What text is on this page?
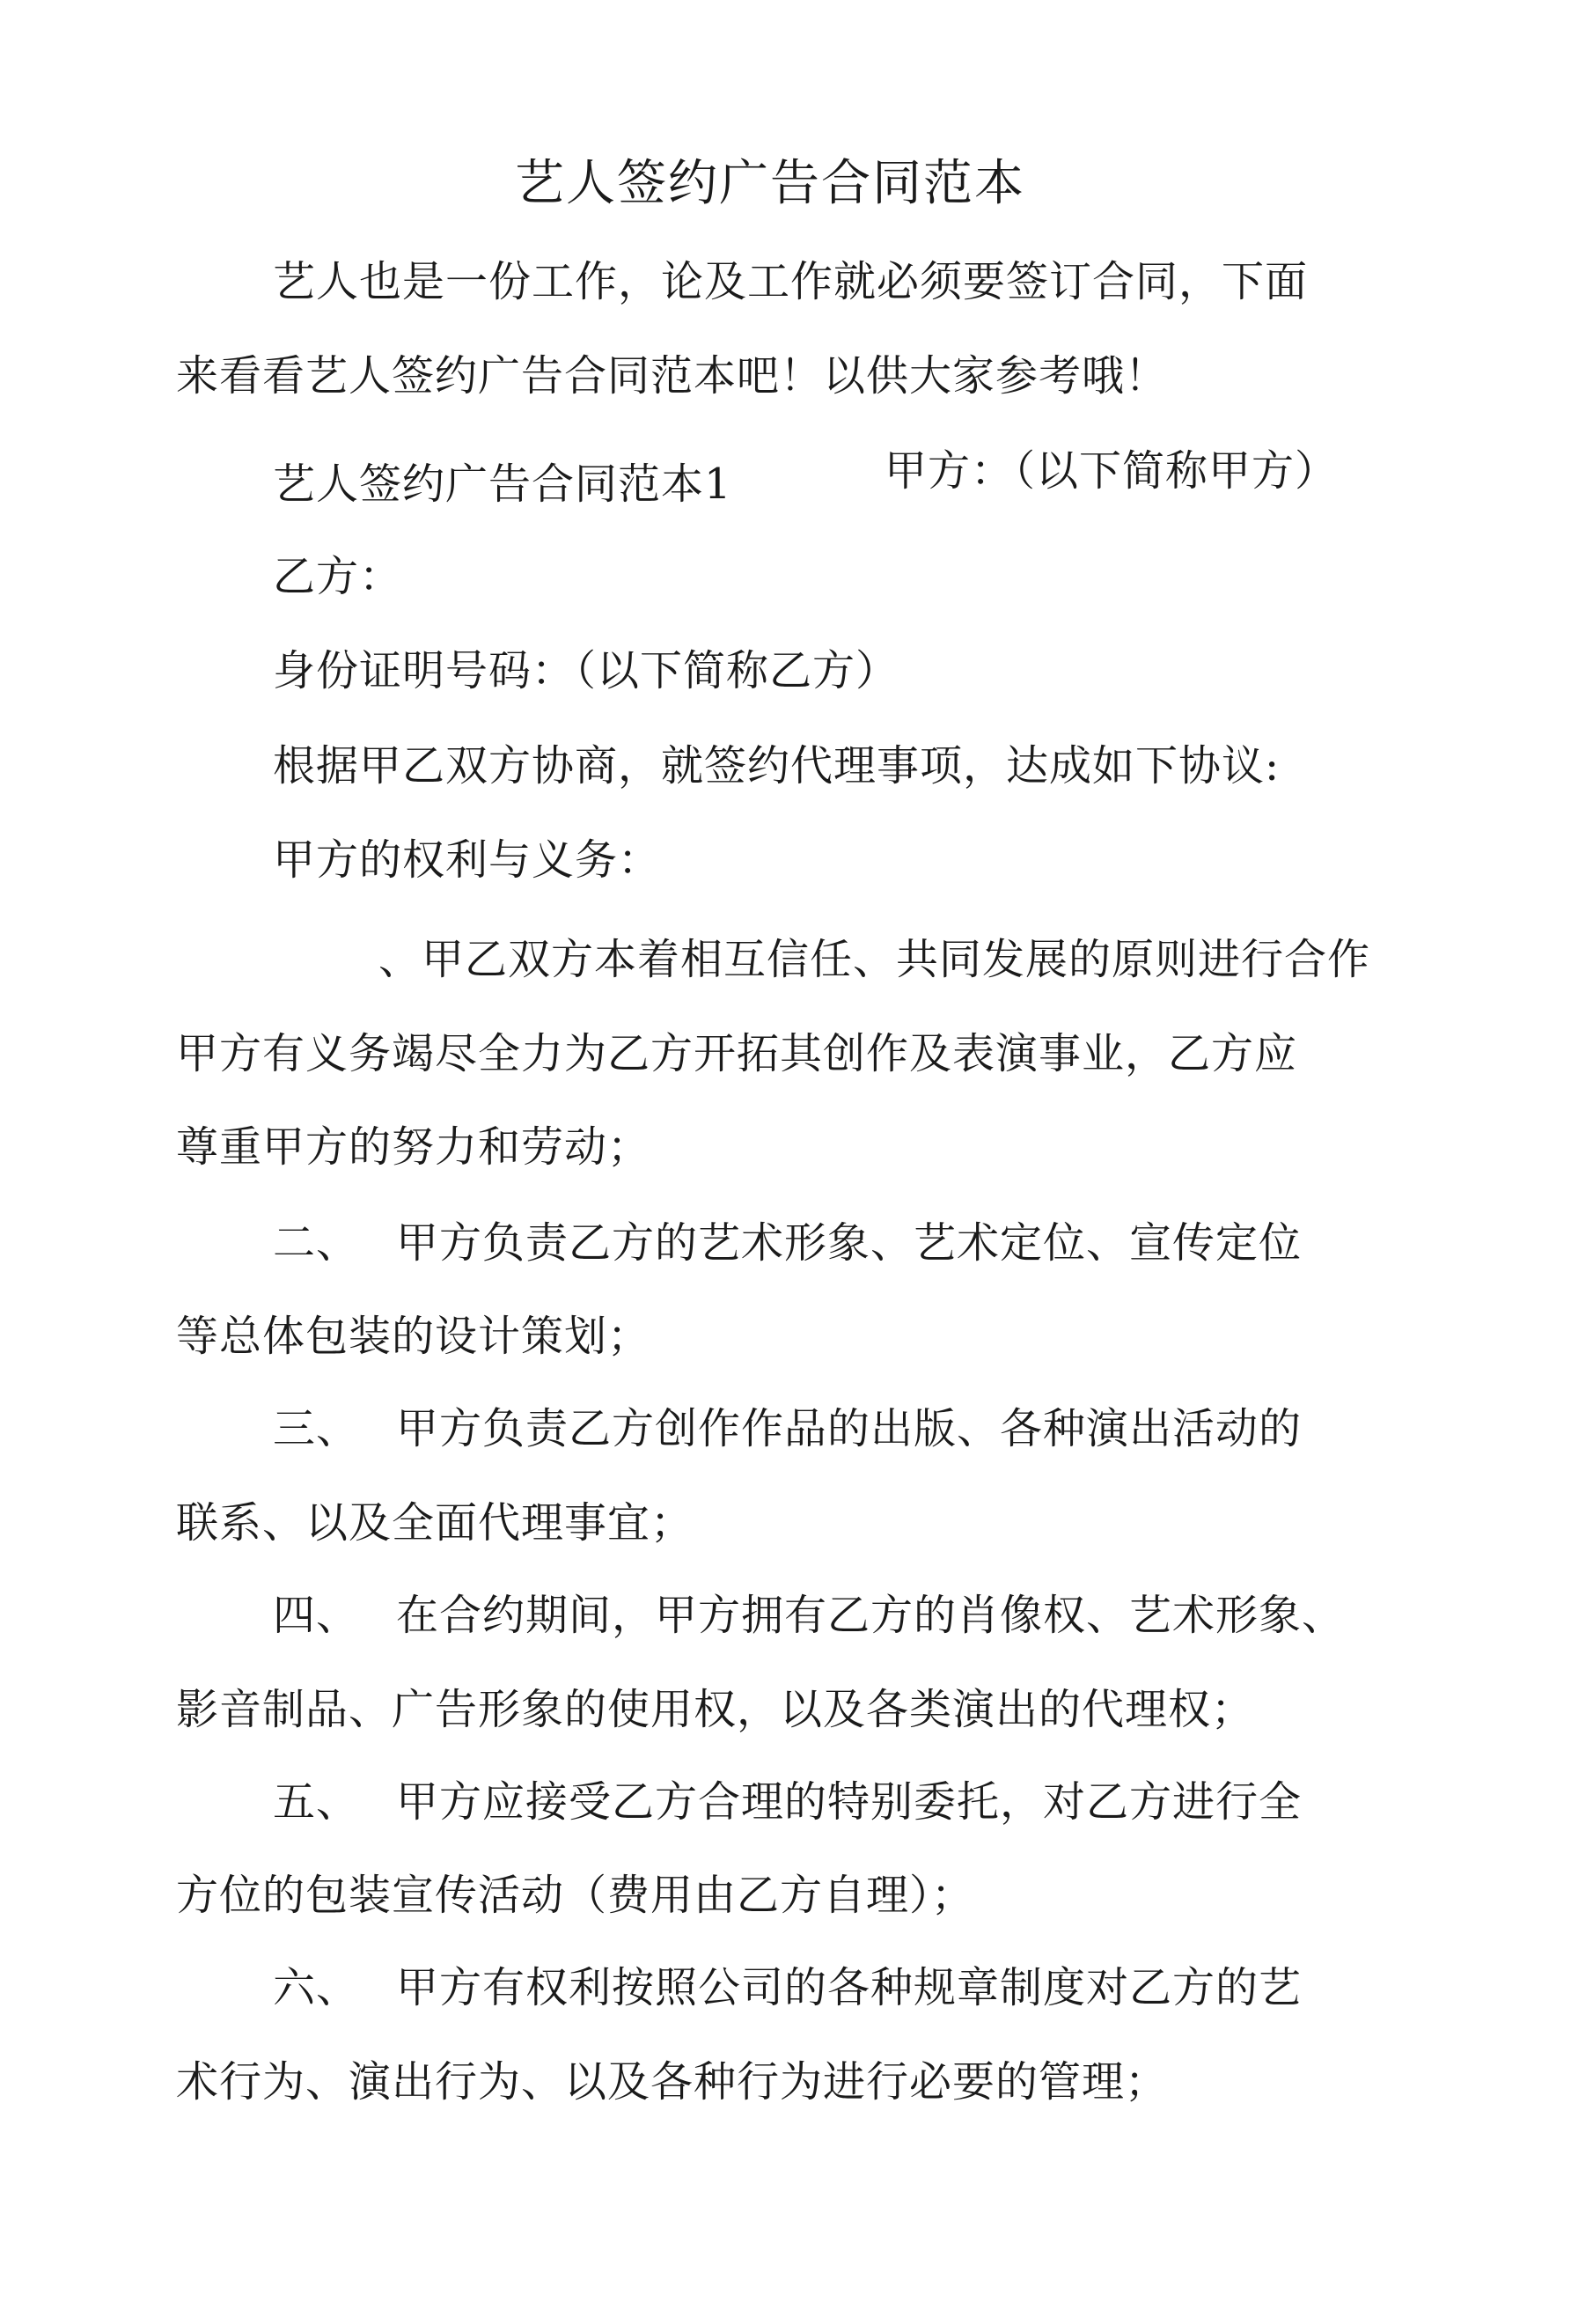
艺人签约广告合同范本
艺人也是一份工作，论及工作就必须要签订合同，下面
来看看艺人签约广告合同范本吧！以供大家参考哦！
艺人签约广告合同范本1	甲方：（以下简称甲方）
乙方：
身份证明号码：（以下简称乙方）
根据甲乙双方协商，就签约代理事项，达成如下协议:
甲方的权利与义务：
、甲乙双方本着相互信任、共同发展的原则进行合作
甲方有义务竭尽全力为乙方开拓其创作及表演事业，乙方应
尊重甲方的努力和劳动；
二、 甲方负责乙方的艺术形象、艺术定位、宣传定位
等总体包装的设计策划；
三、 甲方负责乙方创作作品的出版、各种演出活动的
联系、以及全面代理事宜；
四、 在合约期间，甲方拥有乙方的肖像权、艺术形象、
影音制品、广告形象的使用权，以及各类演出的代理权；
五、 甲方应接受乙方合理的特别委托，对乙方进行全
方位的包装宣传活动（费用由乙方自理）；
六、 甲方有权利按照公司的各种规章制度对乙方的艺
术行为、演出行为、以及各种行为进行必要的管理；
